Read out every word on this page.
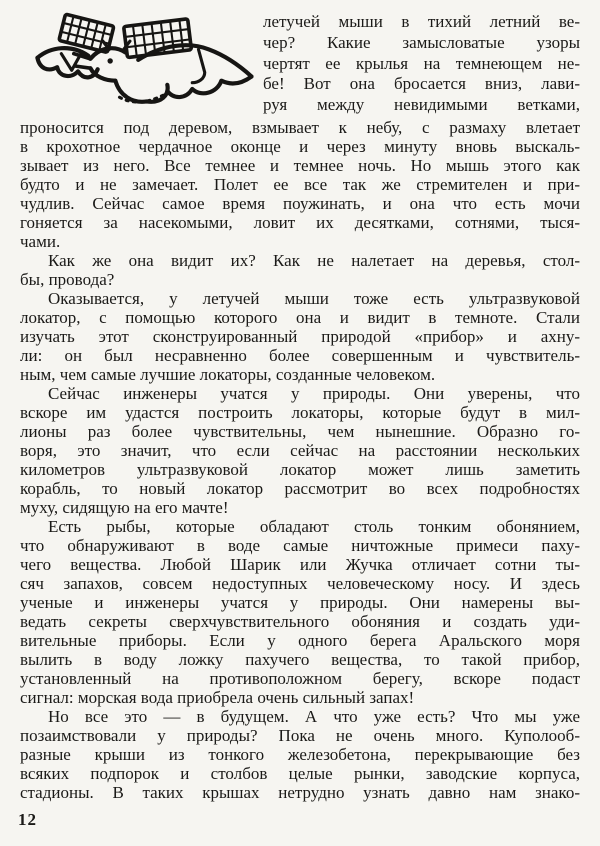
летучей мыши в тихий летний ве-
чер? Какие замысловатые узоры
чертят ее крылья на темнеющем не-
бе! Вот она бросается вниз, лави-
руя между невидимыми ветками,
проносится под деревом, взмывает к небу, с размаху влетает
в крохотное чердачное оконце и через минуту вновь выскаль-
зывает из него. Все темнее и темнее ночь. Но мышь этого как
будто и не замечает. Полет ее все так же стремителен и при-
чудлив. Сейчас самое время поужинать, и она что есть мочи
гоняется за насекомыми, ловит их десятками, сотнями, тыся-
чами.
Как же она видит их? Как не налетает на деревья, стол-
бы, провода?
Оказывается, у летучей мыши тоже есть ультразвуковой
локатор, с помощью которого она и видит в темноте. Стали
изучать этот сконструированный природой «прибор» и ахну-
ли: он был несравненно более совершенным и чувствитель-
ным, чем самые лучшие локаторы, созданные человеком.
Сейчас инженеры учатся у природы. Они уверены, что
вскоре им удастся построить локаторы, которые будут в мил-
лионы раз более чувствительны, чем нынешние. Образно го-
воря, это значит, что если сейчас на расстоянии нескольких
километров ультразвуковой локатор может лишь заметить
корабль, то новый локатор рассмотрит во всех подробностях
муху, сидящую на его мачте!
Есть рыбы, которые обладают столь тонким обонянием,
что обнаруживают в воде самые ничтожные примеси паху-
чего вещества. Любой Шарик или Жучка отличает сотни ты-
сяч запахов, совсем недоступных человеческому носу. И здесь
ученые и инженеры учатся у природы. Они намерены вы-
ведать секреты сверхчувствительного обоняния и создать уди-
вительные приборы. Если у одного берега Аральского моря
вылить в воду ложку пахучего вещества, то такой прибор,
установленный на противоположном берегу, вскоре подаст
сигнал: морская вода приобрела очень сильный запах!
Но все это — в будущем. А что уже есть? Что мы уже
позаимствовали у природы? Пока не очень много. Куполооб-
разные крыши из тонкого железобетона, перекрывающие без
всяких подпорок и столбов целые рынки, заводские корпуса,
стадионы. В таких крышах нетрудно узнать давно нам знако-
12
